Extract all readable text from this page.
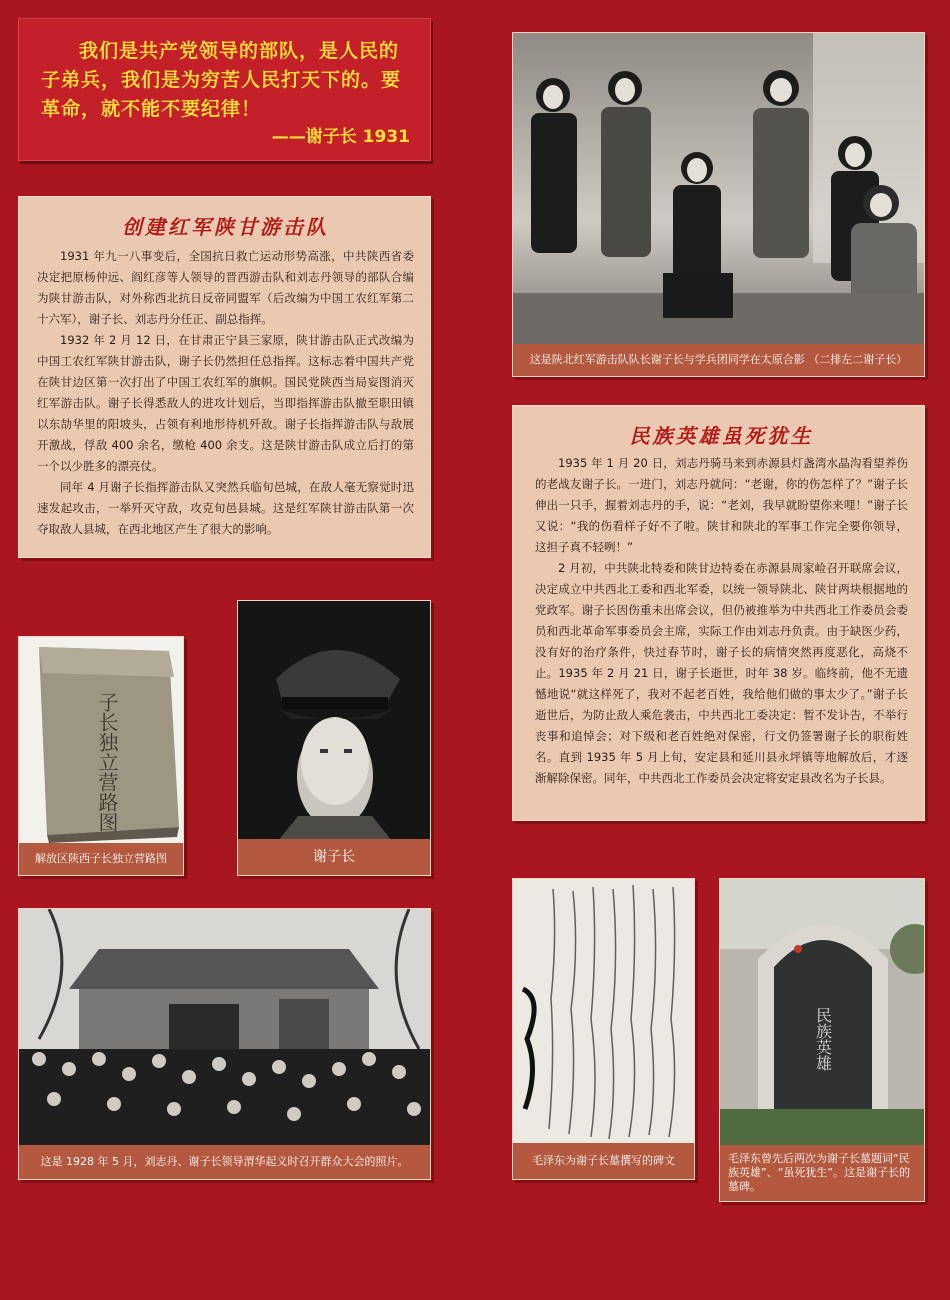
我们是共产党领导的部队，是人民的子弟兵，我们是为穷苦人民打天下的。要革命，就不能不要纪律！
——谢子长 1931
创建红军陕甘游击队

1931 年九一八事变后，全国抗日救亡运动形势高涨，中共陕西省委决定把原杨仲远、阎红彦等人领导的晋西游击队和刘志丹领导的部队合编为陕甘游击队，对外称西北抗日反帝同盟军（后改编为中国工农红军第二十六军），谢子长、刘志丹分任正、副总指挥。

1932 年 2 月 12 日，在甘肃正宁县三家原，陕甘游击队正式改编为中国工农红军陕甘游击队，谢子长仍然担任总指挥。这标志着中国共产党在陕甘边区第一次打出了中国工农红军的旗帜。国民党陕西当局妄图消灭红军游击队。谢子长得悉敌人的进攻计划后，当即指挥游击队撤至职田镇以东劼华里的阳坡头，占领有利地形待机歼敌。谢子长指挥游击队与敌展开激战，俘敌 400 余名，缴枪 400 余支。这是陕甘游击队成立后打的第一个以少胜多的漂亮仗。

同年 4 月谢子长指挥游击队又突然兵临旬邑城，在敌人毫无察觉时迅速发起攻击，一举歼灭守敌，攻克旬邑县城。这是红军陕甘游击队第一次夺取敌人县城，在西北地区产生了很大的影响。

这是陕北红军游击队队长谢子长与学兵团同学在太原合影 （二排左二谢子长）
民族英雄虽死犹生

1935 年 1 月 20 日，刘志丹骑马来到赤源县灯盏湾水晶沟看望养伤的老战友谢子长。一进门，刘志丹就问：“老谢，你的伤怎样了？”谢子长伸出一只手，握着刘志丹的手，说：“老刘，我早就盼望你来哩！”谢子长又说：“我的伤看样子好不了啦。陕甘和陕北的军事工作完全要你领导，这担子真不轻咧！”

2 月初，中共陕北特委和陕甘边特委在赤源县周家崄召开联席会议，决定成立中共西北工委和西北军委，以统一领导陕北、陕甘两块根据地的党政军。谢子长因伤重未出席会议，但仍被推举为中共西北工作委员会委员和西北革命军事委员会主席，实际工作由刘志丹负责。由于缺医少药，没有好的治疗条件，快过春节时，谢子长的病情突然再度恶化，高烧不止。1935 年 2 月 21 日，谢子长逝世，时年 38 岁。临终前，他不无遗憾地说“就这样死了，我对不起老百姓，我给他们做的事太少了。”谢子长逝世后，为防止敌人乘危袭击，中共西北工委决定：暂不发讣告，不举行丧事和追悼会；对下级和老百姓绝对保密，行文仍签署谢子长的职衔姓名。直到 1935 年 5 月上旬，安定县和延川县永坪镇等地解放后，才逐渐解除保密。同年，中共西北工作委员会决定将安定县改名为子长县。

子长独立营路图
解放区陕西子长独立营路图	谢子长
这是 1928 年 5 月，刘志丹、谢子长领导渭华起义时召开群众大会的照片。	毛泽东为谢子长墓撰写的碑文
民族英雄
毛泽东曾先后两次为谢子长墓题词“民族英雄”、“虽死犹生”。这是谢子长的墓碑。
